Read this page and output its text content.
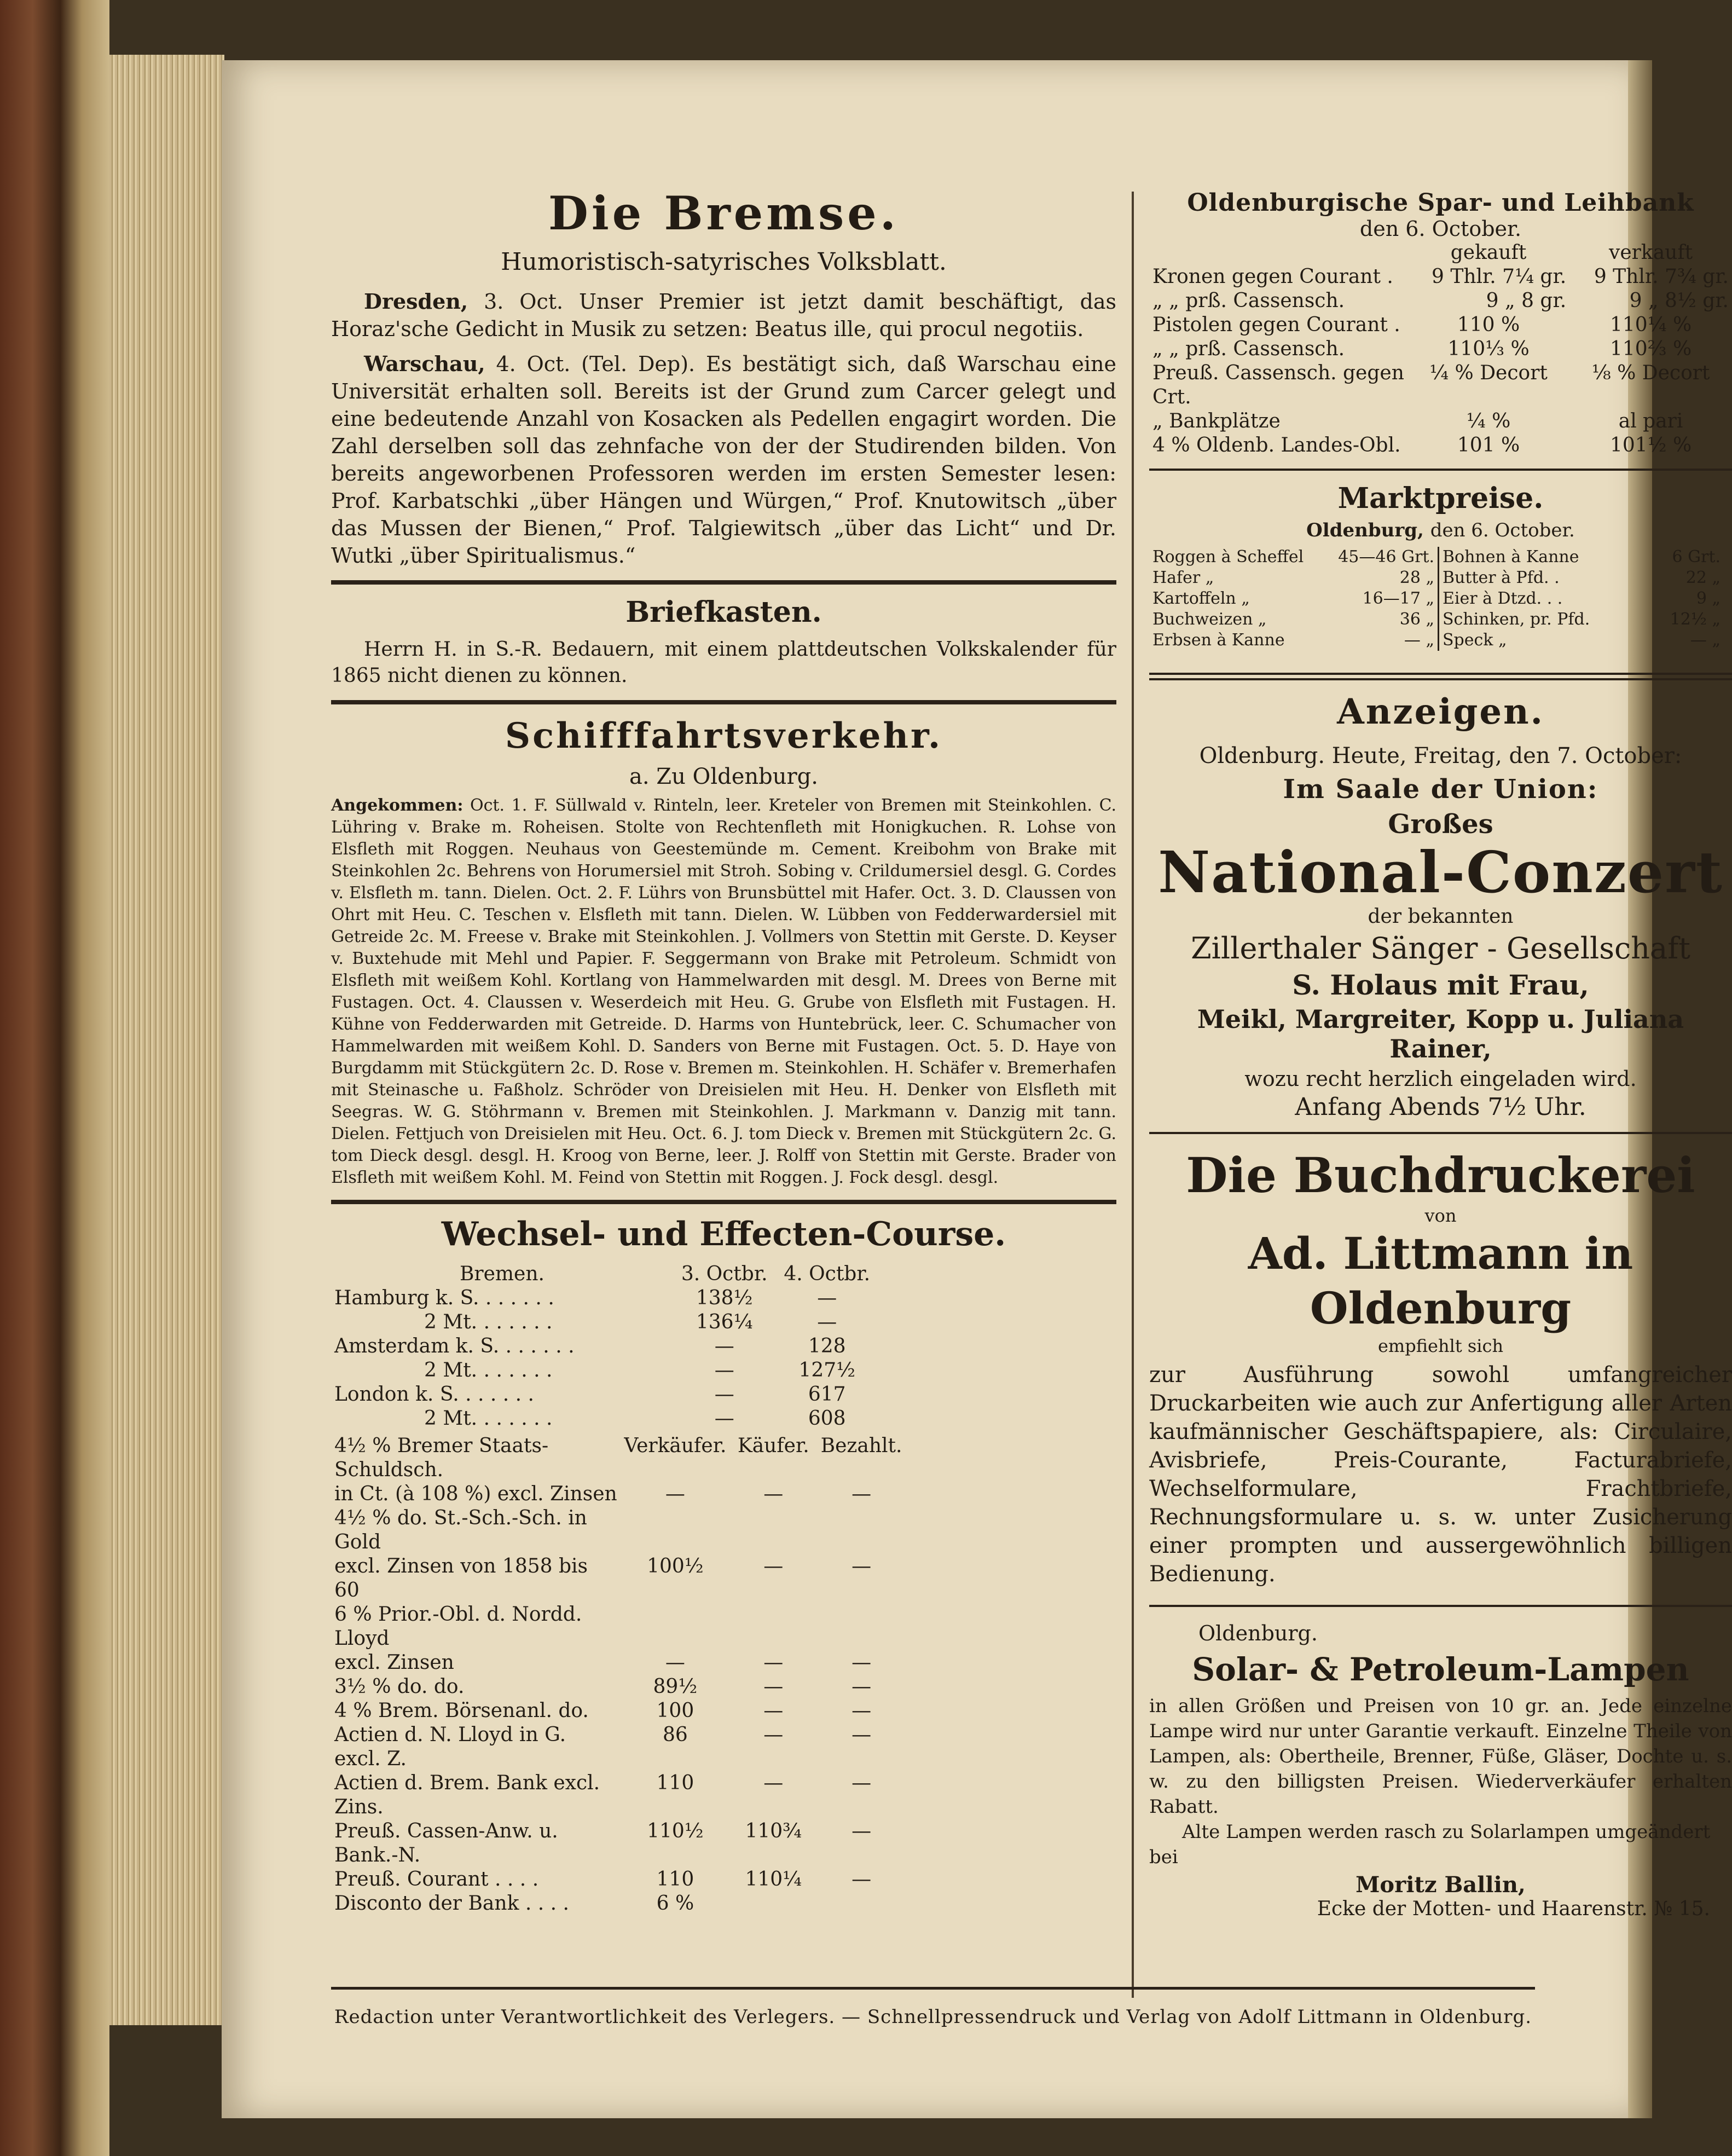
Die Bremse.
Humoristisch-satyrisches Volksblatt.

Dresden, 3. Oct. Unser Premier ist jetzt damit beschäftigt, das Horaz'sche Gedicht in Musik zu setzen: Beatus ille, qui procul negotiis.

Warschau, 4. Oct. (Tel. Dep). Es bestätigt sich, daß Warschau eine Universität erhalten soll. Bereits ist der Grund zum Carcer gelegt und eine bedeutende Anzahl von Kosacken als Pedellen engagirt worden. Die Zahl derselben soll das zehnfache von der der Studirenden bilden. Von bereits angeworbenen Professoren werden im ersten Semester lesen: Prof. Karbatschki „über Hängen und Würgen,“ Prof. Knutowitsch „über das Mussen der Bienen,“ Prof. Talgiewitsch „über das Licht“ und Dr. Wutki „über Spiritualismus.“

Briefkasten.

Herrn H. in S.-R. Bedauern, mit einem plattdeutschen Volkskalender für 1865 nicht dienen zu können.

Schifffahrtsverkehr.
a. Zu Oldenburg.

Angekommen: Oct. 1. F. Süllwald v. Rinteln, leer. Kreteler von Bremen mit Steinkohlen. C. Lühring v. Brake m. Roheisen. Stolte von Rechtenfleth mit Honigkuchen. R. Lohse von Elsfleth mit Roggen. Neuhaus von Geestemünde m. Cement. Kreibohm von Brake mit Steinkohlen 2c. Behrens von Horumersiel mit Stroh. Sobing v. Crildumersiel desgl. G. Cordes v. Elsfleth m. tann. Dielen. Oct. 2. F. Lührs von Brunsbüttel mit Hafer. Oct. 3. D. Claussen von Ohrt mit Heu. C. Teschen v. Elsfleth mit tann. Dielen. W. Lübben von Fedderwardersiel mit Getreide 2c. M. Freese v. Brake mit Steinkohlen. J. Vollmers von Stettin mit Gerste. D. Keyser v. Buxtehude mit Mehl und Papier. F. Seggermann von Brake mit Petroleum. Schmidt von Elsfleth mit weißem Kohl. Kortlang von Hammelwarden mit desgl. M. Drees von Berne mit Fustagen. Oct. 4. Claussen v. Weserdeich mit Heu. G. Grube von Elsfleth mit Fustagen. H. Kühne von Fedderwarden mit Getreide. D. Harms von Huntebrück, leer. C. Schumacher von Hammelwarden mit weißem Kohl. D. Sanders von Berne mit Fustagen. Oct. 5. D. Haye von Burgdamm mit Stückgütern 2c. D. Rose v. Bremen m. Steinkohlen. H. Schäfer v. Bremerhafen mit Steinasche u. Faßholz. Schröder von Dreisielen mit Heu. H. Denker von Elsfleth mit Seegras. W. G. Stöhrmann v. Bremen mit Steinkohlen. J. Markmann v. Danzig mit tann. Dielen. Fettjuch von Dreisielen mit Heu. Oct. 6. J. tom Dieck v. Bremen mit Stückgütern 2c. G. tom Dieck desgl. desgl. H. Kroog von Berne, leer. J. Rolff von Stettin mit Gerste. Brader von Elsfleth mit weißem Kohl. M. Feind von Stettin mit Roggen. J. Fock desgl. desgl.

Wechsel- und Effecten-Course.
Bremen.	3. Octbr.	4. Octbr.
Hamburg k. S. . . . . . .	138½	—
2 Mt. . . . . . .	136¼	—
Amsterdam k. S. . . . . . .	—	128
2 Mt. . . . . . .	—	127½
London k. S. . . . . . .	—	617
2 Mt. . . . . . .	—	608
4½ % Bremer Staats-Schuldsch.	Verkäufer.	Käufer.	Bezahlt.
in Ct. (à 108 %) excl. Zinsen	—	—	—
4½ % do. St.-Sch.-Sch. in Gold			
excl. Zinsen von 1858 bis 60	100½	—	—
6 % Prior.-Obl. d. Nordd. Lloyd			
excl. Zinsen	—	—	—
3½ % do. do.	89½	—	—
4 % Brem. Börsenanl. do.	100	—	—
Actien d. N. Lloyd in G. excl. Z.	86	—	—
Actien d. Brem. Bank excl. Zins.	110	—	—
Preuß. Cassen-Anw. u. Bank.-N.	110½	110¾	—
Preuß. Courant . . . .	110	110¼	—
Disconto der Bank . . . .	6 %		
Oldenburgische Spar- und Leihbank
den 6. October.
	gekauft	verkauft
Kronen gegen Courant .	9 Thlr. 7¼ gr.	9 Thlr. 7¾ gr.
„ „ prß. Cassensch.	9 „ 8 gr.	9 „ 8½ gr.
Pistolen gegen Courant .	110 %	110¼ %
„ „ prß. Cassensch.	110⅓ %	110⅔ %
Preuß. Cassensch. gegen Crt.	¼ % Decort	⅛ % Decort
„ Bankplätze	¼ %	al pari
4 % Oldenb. Landes-Obl.	101 %	101½ %
Marktpreise.
Oldenburg, den 6. October.
Roggen à Scheffel	45—46 Grt.
Hafer „	28 „
Kartoffeln „	16—17 „
Buchweizen „	36 „
Erbsen à Kanne	— „
Bohnen à Kanne	6 Grt.
Butter à Pfd. .	22 „
Eier à Dtzd. . .	9 „
Schinken, pr. Pfd.	12½ „
Speck „	— „
Anzeigen.
Oldenburg. Heute, Freitag, den 7. October:
Im Saale der Union:
Großes
National-Conzert
der bekannten
Zillerthaler Sänger - Gesellschaft
S. Holaus mit Frau,
Meikl, Margreiter, Kopp u. Juliana Rainer,
wozu recht herzlich eingeladen wird.
Anfang Abends 7½ Uhr.
Die Buchdruckerei
von
Ad. Littmann in Oldenburg
empfiehlt sich

zur Ausführung sowohl umfangreicher Druckarbeiten wie auch zur Anfertigung aller Arten kaufmännischer Geschäftspapiere, als: Circulaire, Avisbriefe, Preis-Courante, Facturabriefe, Wechselformulare, Frachtbriefe, Rechnungsformulare u. s. w. unter Zusicherung einer prompten und aussergewöhnlich billigen Bedienung.

Oldenburg.
Solar- & Petroleum-Lampen

in allen Größen und Preisen von 10 gr. an. Jede einzelne Lampe wird nur unter Garantie verkauft. Einzelne Theile von Lampen, als: Obertheile, Brenner, Füße, Gläser, Dochte u. s. w. zu den billigsten Preisen. Wiederverkäufer erhalten Rabatt.

Alte Lampen werden rasch zu Solarlampen umgeändert bei

Moritz Ballin,
Ecke der Motten- und Haarenstr. № 15.
Redaction unter Verantwortlichkeit des Verlegers. — Schnellpressendruck und Verlag von Adolf Littmann in Oldenburg.
